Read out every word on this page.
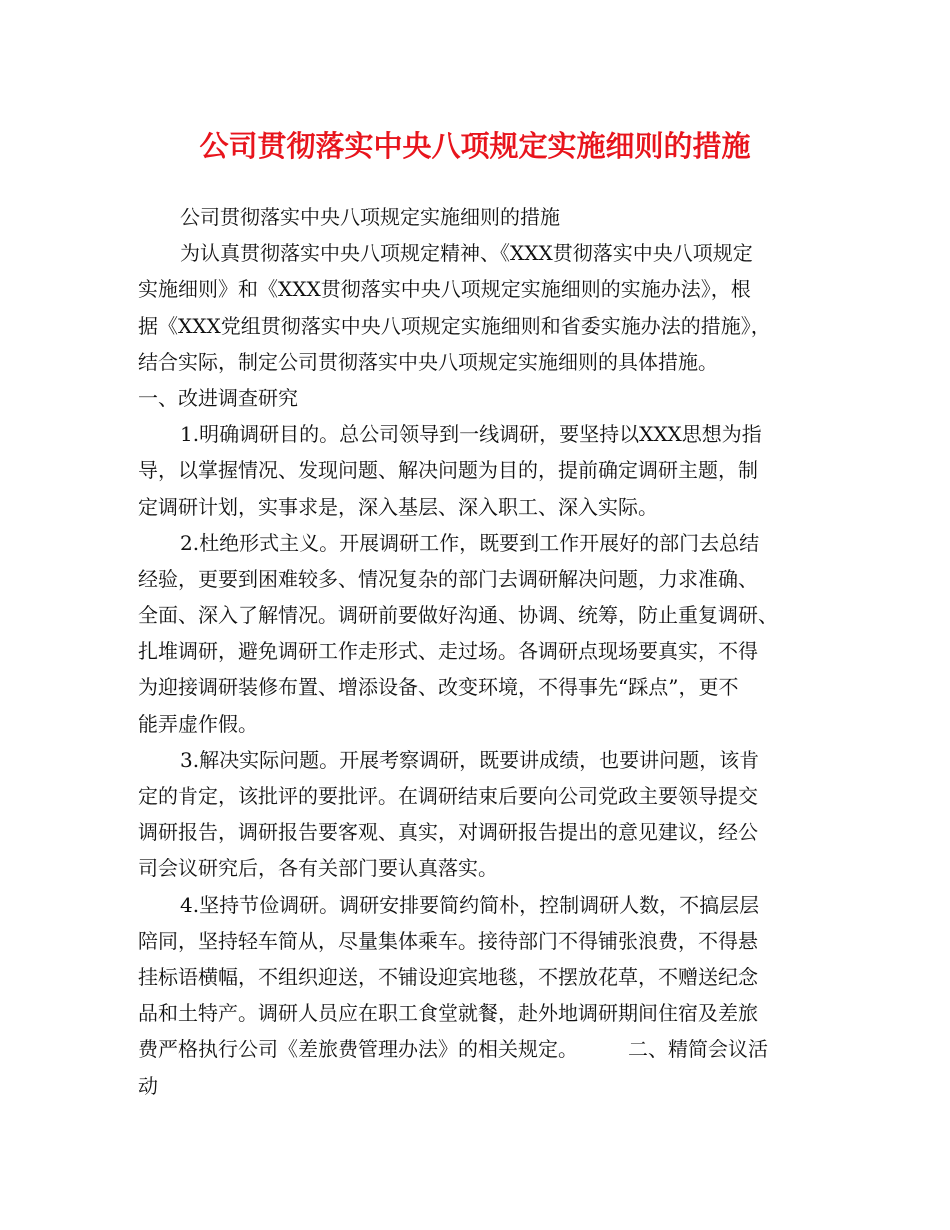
公司贯彻落实中央八项规定实施细则的措施
公司贯彻落实中央八项规定实施细则的措施
为认真贯彻落实中央八项规定精神、《XXX贯彻落实中央八项规定
实施细则》和《XXX贯彻落实中央八项规定实施细则的实施办法》，根
据《XXX党组贯彻落实中央八项规定实施细则和省委实施办法的措施》，
结合实际，制定公司贯彻落实中央八项规定实施细则的具体措施。
一、改进调查研究
1.明确调研目的。总公司领导到一线调研，要坚持以XXX思想为指
导，以掌握情况、发现问题、解决问题为目的，提前确定调研主题，制
定调研计划，实事求是，深入基层、深入职工、深入实际。
2.杜绝形式主义。开展调研工作，既要到工作开展好的部门去总结
经验，更要到困难较多、情况复杂的部门去调研解决问题，力求准确、
全面、深入了解情况。调研前要做好沟通、协调、统筹，防止重复调研、
扎堆调研，避免调研工作走形式、走过场。各调研点现场要真实，不得
为迎接调研装修布置、增添设备、改变环境，不得事先“踩点”，更不
能弄虚作假。
3.解决实际问题。开展考察调研，既要讲成绩，也要讲问题，该肯
定的肯定，该批评的要批评。在调研结束后要向公司党政主要领导提交
调研报告，调研报告要客观、真实，对调研报告提出的意见建议，经公
司会议研究后，各有关部门要认真落实。
4.坚持节俭调研。调研安排要简约简朴，控制调研人数，不搞层层
陪同，坚持轻车简从，尽量集体乘车。接待部门不得铺张浪费，不得悬
挂标语横幅，不组织迎送，不铺设迎宾地毯，不摆放花草，不赠送纪念
品和土特产。调研人员应在职工食堂就餐，赴外地调研期间住宿及差旅
费严格执行公司《差旅费管理办法》的相关规定。　　　二、精简会议活
动
